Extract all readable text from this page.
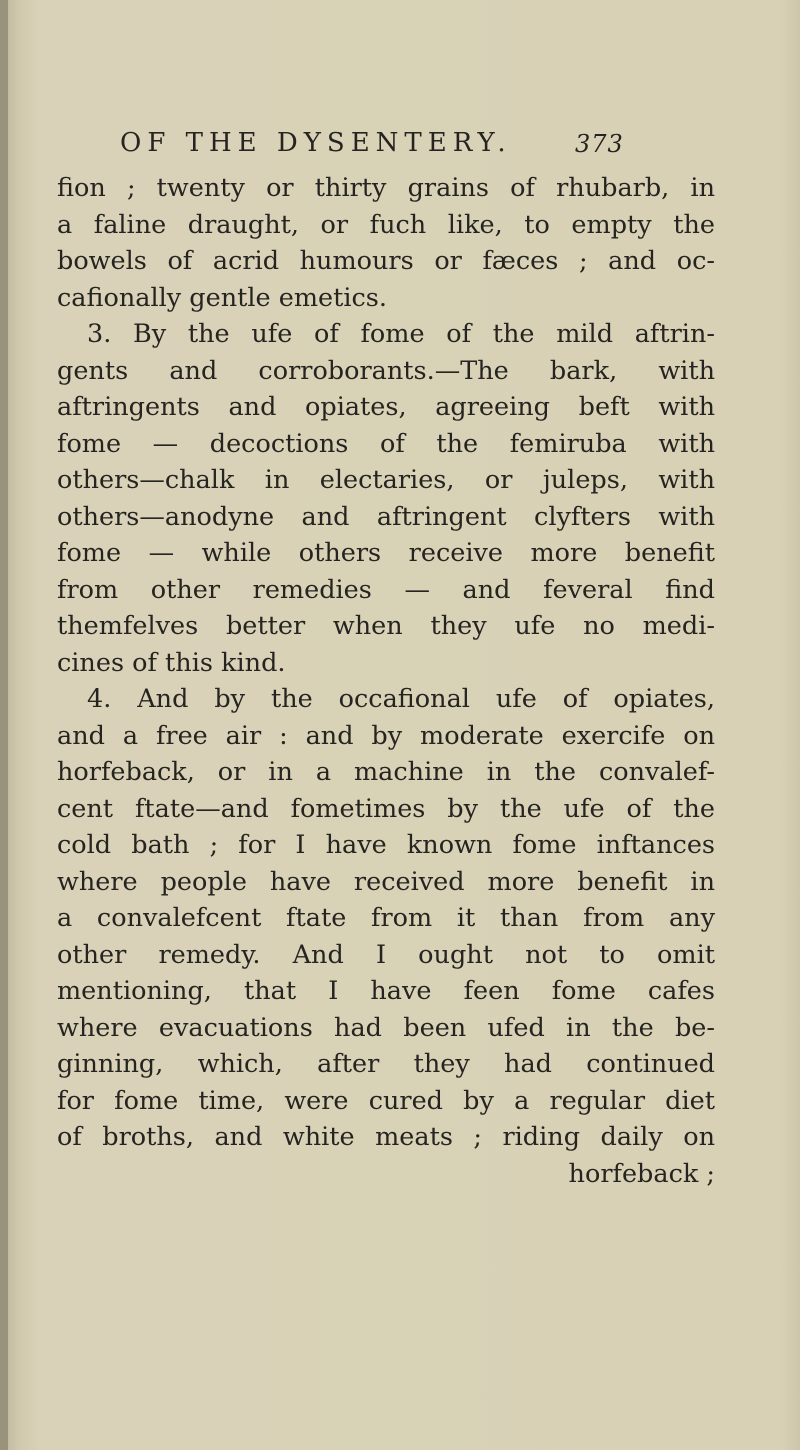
OF THE DYSENTERY.	373
fion ; twenty or thirty grains of rhubarb, in
a faline draught, or fuch like, to empty the
bowels of acrid humours or fæces ; and oc-
cafionally gentle emetics.
3. By the ufe of fome of the mild aftrin-
gents and corroborants.—The bark, with
aftringents and opiates, agreeing beft with
fome — decoctions of the femiruba with
others—chalk in electaries, or juleps, with
others—anodyne and aftringent clyfters with
fome — while others receive more benefit
from other remedies — and feveral find
themfelves better when they ufe no medi-
cines of this kind.
4. And by the occafional ufe of opiates,
and a free air : and by moderate exercife on
horfeback, or in a machine in the convalef-
cent ftate—and fometimes by the ufe of the
cold bath ; for I have known fome inftances
where people have received more benefit in
a convalefcent ftate from it than from any
other remedy. And I ought not to omit
mentioning, that I have feen fome cafes
where evacuations had been ufed in the be-
ginning, which, after they had continued
for fome time, were cured by a regular diet
of broths, and white meats ; riding daily on
horfeback ;
